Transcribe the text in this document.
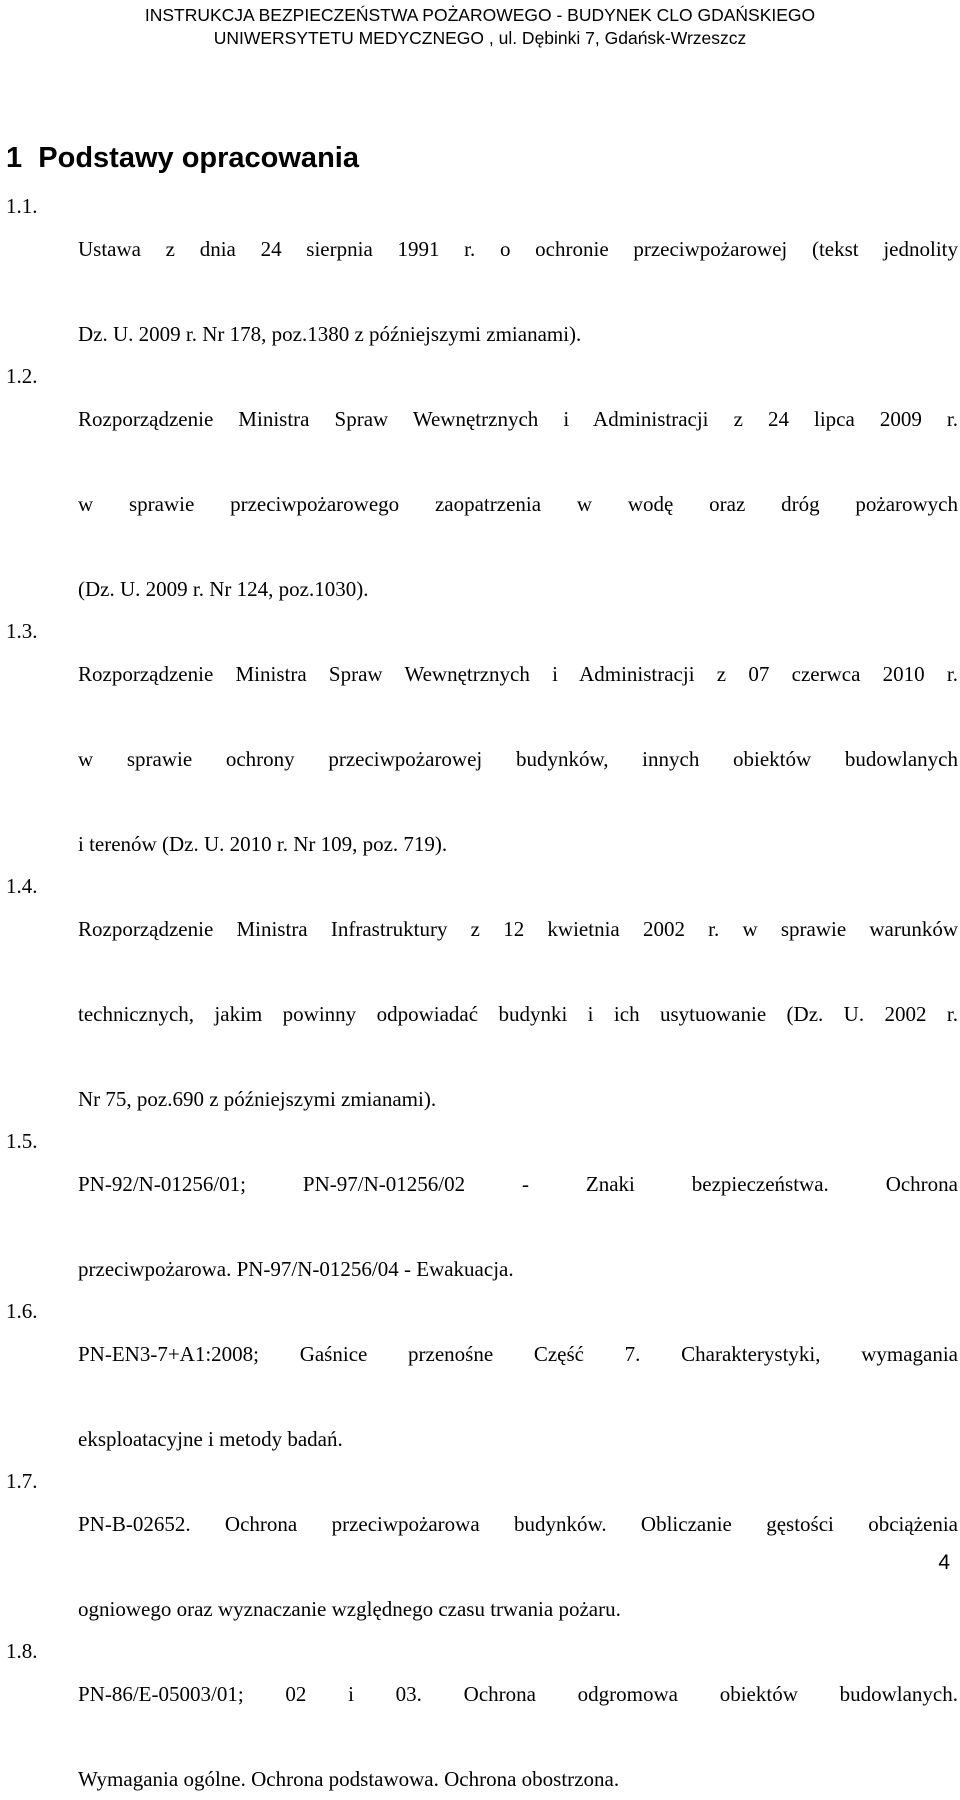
INSTRUKCJA BEZPIECZEŃSTWA POŻAROWEGO - BUDYNEK CLO GDAŃSKIEGO
UNIWERSYTETU MEDYCZNEGO , ul. Dębinki 7, Gdańsk-Wrzeszcz
1 Podstawy opracowania
1.1.

Ustawa z dnia 24 sierpnia 1991 r. o ochronie przeciwpożarowej (tekst jednolity

Dz. U. 2009 r. Nr 178, poz.1380 z późniejszymi zmianami).

1.2.

Rozporządzenie Ministra Spraw Wewnętrznych i Administracji z 24 lipca 2009 r.

w sprawie przeciwpożarowego zaopatrzenia w wodę oraz dróg pożarowych

(Dz. U. 2009 r. Nr 124, poz.1030).

1.3.

Rozporządzenie Ministra Spraw Wewnętrznych i Administracji z 07 czerwca 2010 r.

w sprawie ochrony przeciwpożarowej budynków, innych obiektów budowlanych

i terenów (Dz. U. 2010 r. Nr 109, poz. 719).

1.4.

Rozporządzenie Ministra Infrastruktury z 12 kwietnia 2002 r. w sprawie warunków

technicznych, jakim powinny odpowiadać budynki i ich usytuowanie (Dz. U. 2002 r.

Nr 75, poz.690 z późniejszymi zmianami).

1.5.

PN-92/N-01256/01; PN-97/N-01256/02 - Znaki bezpieczeństwa. Ochrona

przeciwpożarowa. PN-97/N-01256/04 - Ewakuacja.

1.6.

PN-EN3-7+A1:2008; Gaśnice przenośne Część 7. Charakterystyki, wymagania

eksploatacyjne i metody badań.

1.7.

PN-B-02652. Ochrona przeciwpożarowa budynków. Obliczanie gęstości obciążenia

ogniowego oraz wyznaczanie względnego czasu trwania pożaru.

1.8.

PN-86/E-05003/01; 02 i 03. Ochrona odgromowa obiektów budowlanych.

Wymagania ogólne. Ochrona podstawowa. Ochrona obostrzona.

4
